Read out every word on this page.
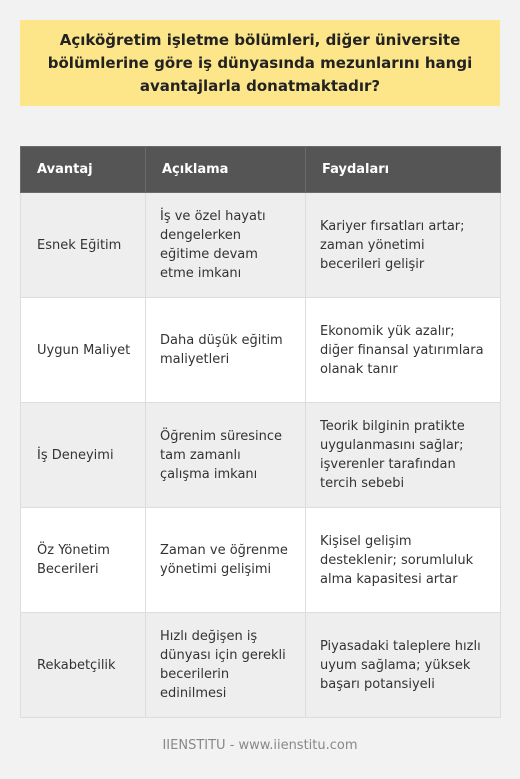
Açıköğretim işletme bölümleri, diğer üniversite bölümlerine göre iş dünyasında mezunlarını hangi avantajlarla donatmaktadır?
Avantaj	Açıklama	Faydaları
Esnek Eğitim	İş ve özel hayatı dengelerken eğitime devam etme imkanı	Kariyer fırsatları artar; zaman yönetimi becerileri gelişir
Uygun Maliyet	Daha düşük eğitim maliyetleri	Ekonomik yük azalır; diğer finansal yatırımlara olanak tanır
İş Deneyimi	Öğrenim süresince tam zamanlı çalışma imkanı	Teorik bilginin pratikte uygulanmasını sağlar; işverenler tarafından tercih sebebi
Öz Yönetim Becerileri	Zaman ve öğrenme yönetimi gelişimi	Kişisel gelişim desteklenir; sorumluluk alma kapasitesi artar
Rekabetçilik	Hızlı değişen iş dünyası için gerekli becerilerin edinilmesi	Piyasadaki taleplere hızlı uyum sağlama; yüksek başarı potansiyeli
IIENSTITU - www.iienstitu.com
